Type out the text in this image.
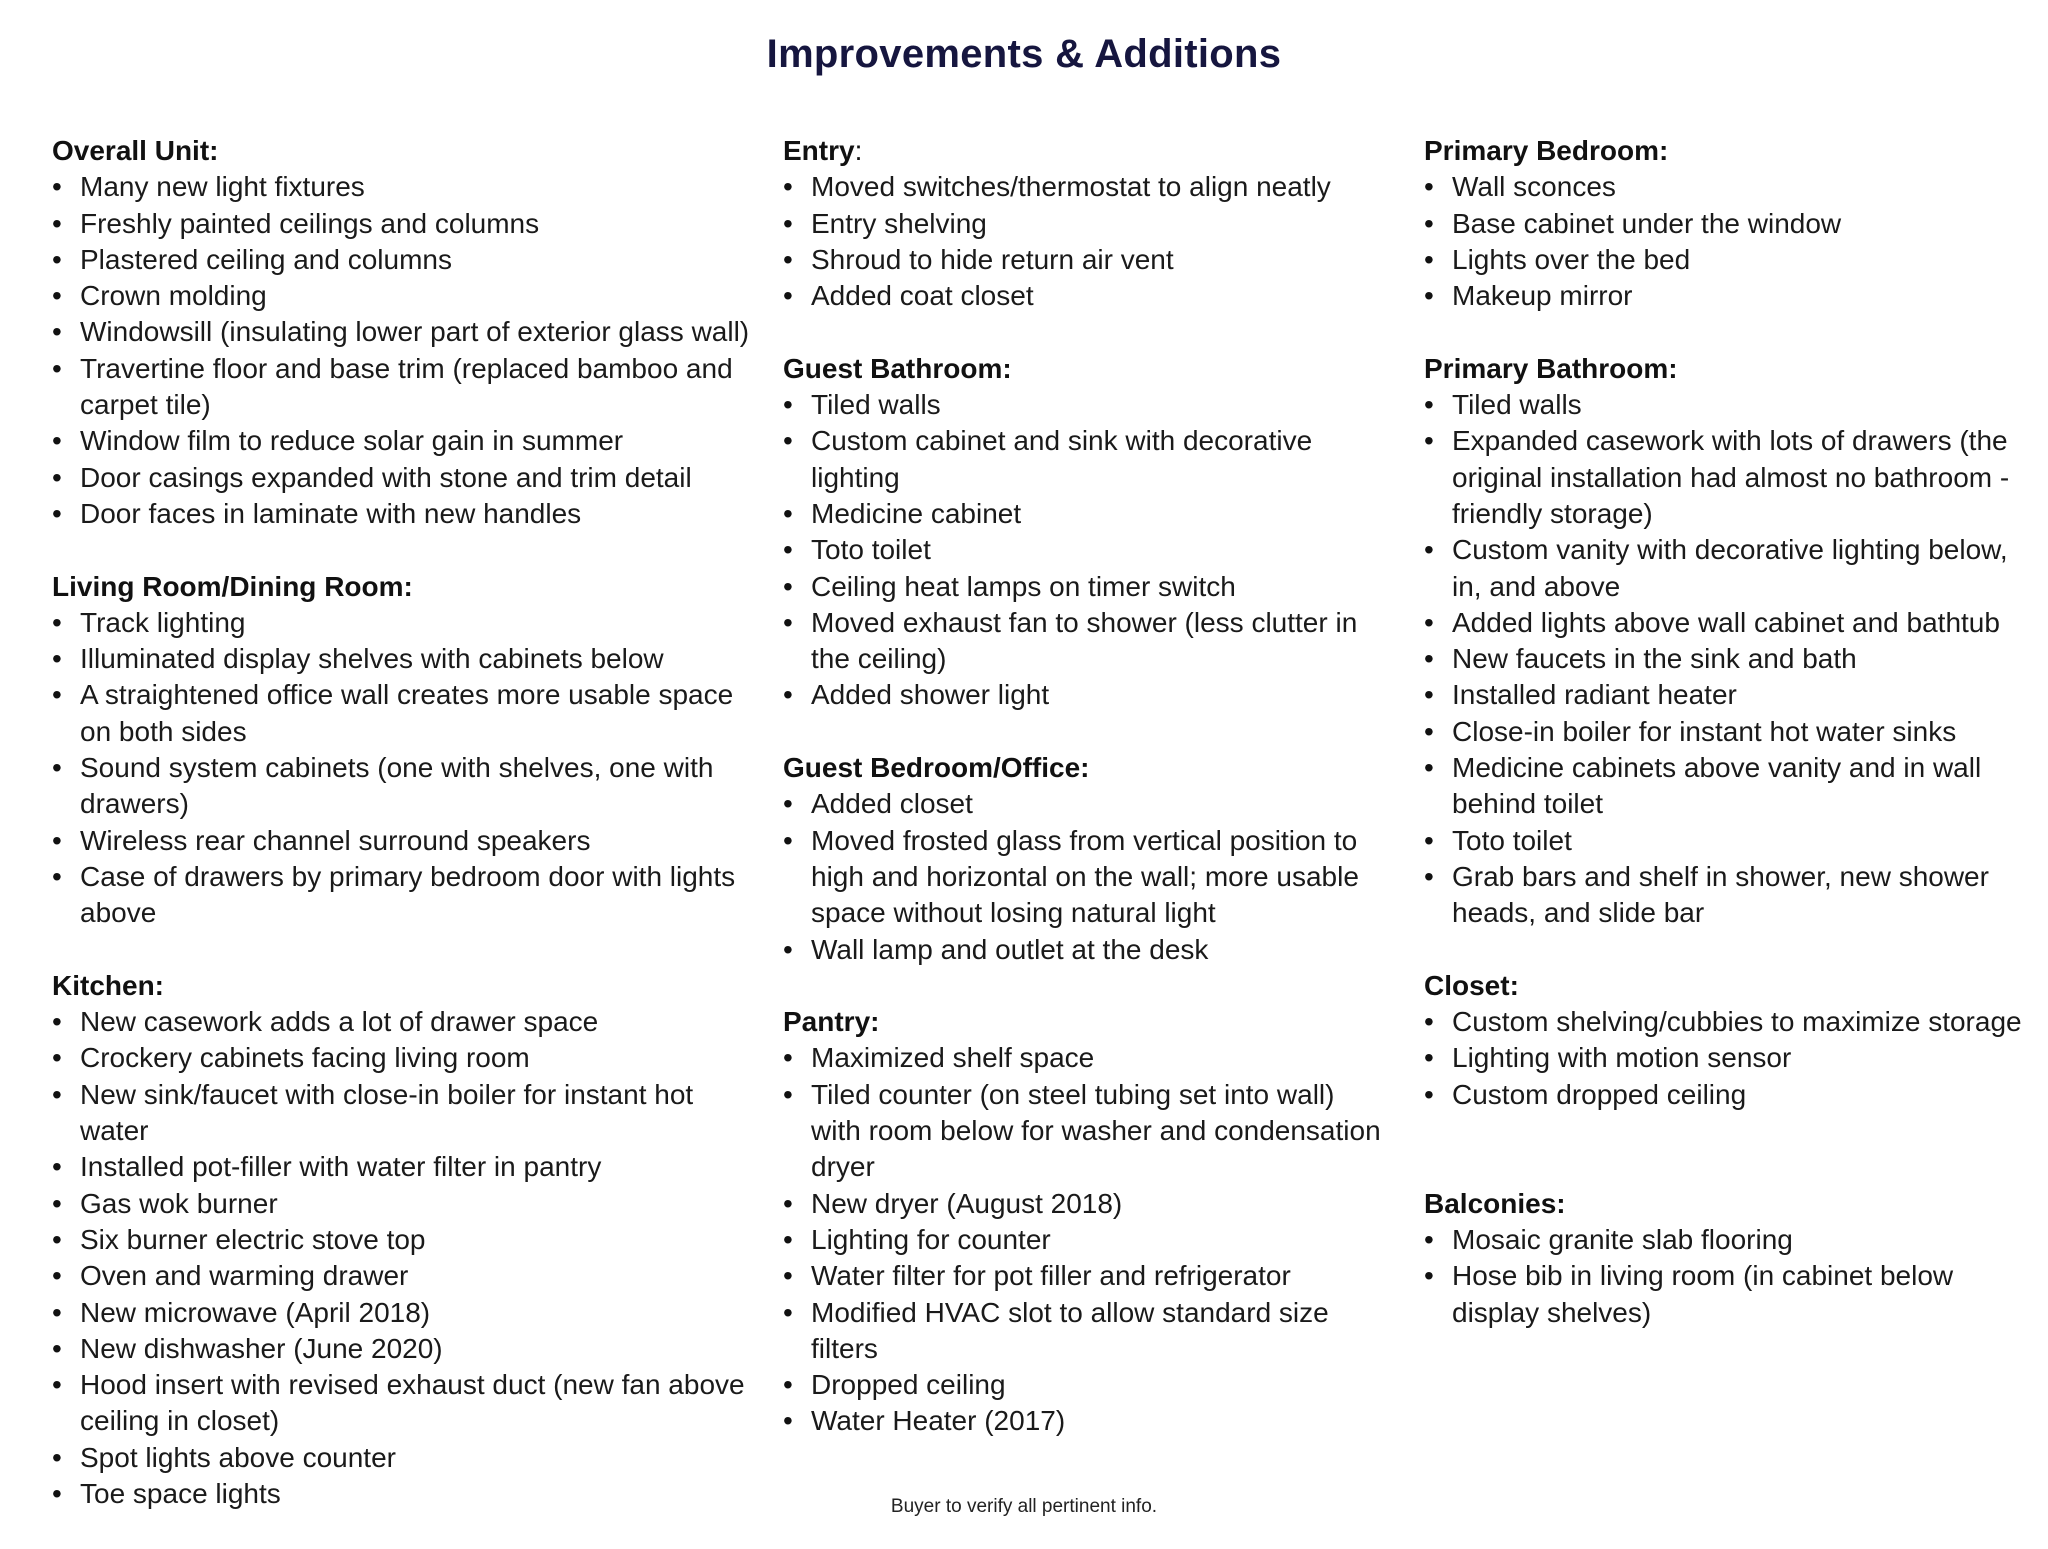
Improvements & Additions
Overall Unit:
• Many new light fixtures
• Freshly painted ceilings and columns
• Plastered ceiling and columns
• Crown molding
• Windowsill (insulating lower part of exterior glass wall)
• Travertine floor and base trim (replaced bamboo and carpet tile)
• Window film to reduce solar gain in summer
• Door casings expanded with stone and trim detail
• Door faces in laminate with new handles
Living Room/Dining Room:
• Track lighting
• Illuminated display shelves with cabinets below
• A straightened office wall creates more usable space on both sides
• Sound system cabinets (one with shelves, one with drawers)
• Wireless rear channel surround speakers
• Case of drawers by primary bedroom door with lights above
Kitchen:
• New casework adds a lot of drawer space
• Crockery cabinets facing living room
• New sink/faucet with close-in boiler for instant hot water
• Installed pot-filler with water filter in pantry
• Gas wok burner
• Six burner electric stove top
• Oven and warming drawer
• New microwave (April 2018)
• New dishwasher (June 2020)
• Hood insert with revised exhaust duct (new fan above ceiling in closet)
• Spot lights above counter
• Toe space lights
Entry:
• Moved switches/thermostat to align neatly
• Entry shelving
• Shroud to hide return air vent
• Added coat closet
Guest Bathroom:
• Tiled walls
• Custom cabinet and sink with decorative lighting
• Medicine cabinet
• Toto toilet
• Ceiling heat lamps on timer switch
• Moved exhaust fan to shower (less clutter in the ceiling)
• Added shower light
Guest Bedroom/Office:
• Added closet
• Moved frosted glass from vertical position to high and horizontal on the wall; more usable space without losing natural light
• Wall lamp and outlet at the desk
Pantry:
• Maximized shelf space
• Tiled counter (on steel tubing set into wall) with room below for washer and condensation dryer
• New dryer (August 2018)
• Lighting for counter
• Water filter for pot filler and refrigerator
• Modified HVAC slot to allow standard size filters
• Dropped ceiling
• Water Heater (2017)
Primary Bedroom:
• Wall sconces
• Base cabinet under the window
• Lights over the bed
• Makeup mirror
Primary Bathroom:
• Tiled walls
• Expanded casework with lots of drawers (the original installation had almost no bathroom -friendly storage)
• Custom vanity with decorative lighting below, in, and above
• Added lights above wall cabinet and bathtub
• New faucets in the sink and bath
• Installed radiant heater
• Close-in boiler for instant hot water sinks
• Medicine cabinets above vanity and in wall behind toilet
• Toto toilet
• Grab bars and shelf in shower, new shower heads, and slide bar
Closet:
• Custom shelving/cubbies to maximize storage
• Lighting with motion sensor
• Custom dropped ceiling
Balconies:
• Mosaic granite slab flooring
• Hose bib in living room (in cabinet below display shelves)
Buyer to verify all pertinent info.
